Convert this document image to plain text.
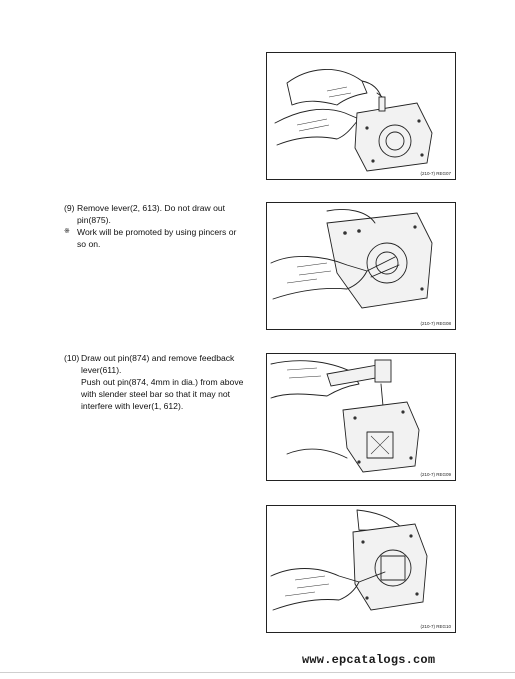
(210-7) REG07
(9) Remove lever(2, 613). Do not draw out pin(875).

※ Work will be promoted by using pincers or so on.
(210-7) REG08
(10) Draw out pin(874) and remove feedback lever(611).

Push out pin(874, 4mm in dia.) from above with slender steel bar so that it may not interfere with lever(1, 612).

(210-7) REG09
(210-7) REG10
www.epcatalogs.com
